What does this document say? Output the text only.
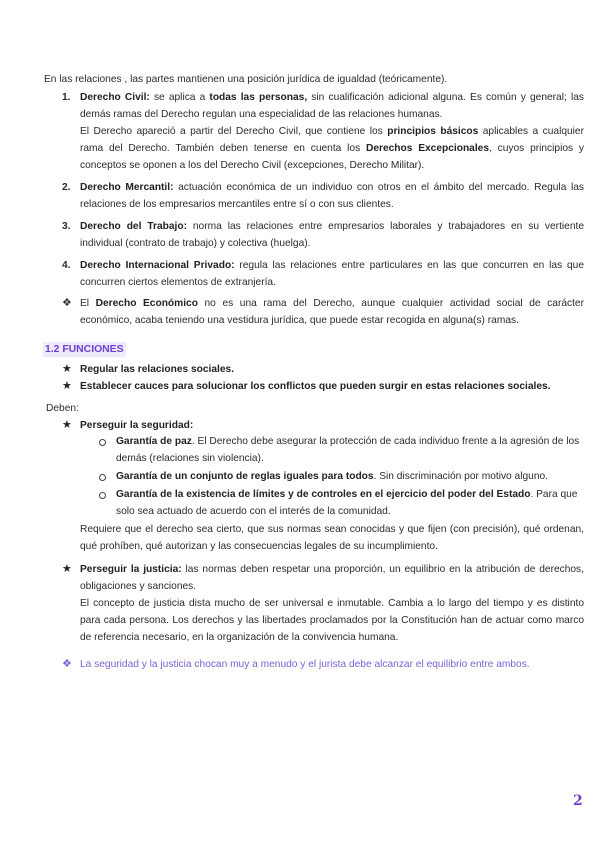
En las relaciones , las partes mantienen una posición jurídica de igualdad (teóricamente).
1. Derecho Civil: se aplica a todas las personas, sin cualificación adicional alguna. Es común y general; las demás ramas del Derecho regulan una especialidad de las relaciones humanas.

El Derecho apareció a partir del Derecho Civil, que contiene los principios básicos aplicables a cualquier rama del Derecho. También deben tenerse en cuenta los Derechos Excepcionales, cuyos principios y conceptos se oponen a los del Derecho Civil (excepciones, Derecho Militar).

2. Derecho Mercantil: actuación económica de un individuo con otros en el ámbito del mercado. Regula las relaciones de los empresarios mercantiles entre sí o con sus clientes.

3. Derecho del Trabajo: norma las relaciones entre empresarios laborales y trabajadores en su vertiente individual (contrato de trabajo) y colectiva (huelga).

4. Derecho Internacional Privado: regula las relaciones entre particulares en las que concurren en las que concurren ciertos elementos de extranjería.

❖ El Derecho Económico no es una rama del Derecho, aunque cualquier actividad social de carácter económico, acaba teniendo una vestidura jurídica, que puede estar recogida en alguna(s) ramas.

1.2 FUNCIONES
★ Regular las relaciones sociales.
★ Establecer cauces para solucionar los conflictos que pueden surgir en estas relaciones sociales.
Deben:
★ Perseguir la seguridad:

Garantía de paz. El Derecho debe asegurar la protección de cada individuo frente a la agresión de los demás (relaciones sin violencia).

Garantía de un conjunto de reglas iguales para todos. Sin discriminación por motivo alguno.

Garantía de la existencia de límites y de controles en el ejercicio del poder del Estado. Para que solo sea actuado de acuerdo con el interés de la comunidad.

Requiere que el derecho sea cierto, que sus normas sean conocidas y que fijen (con precisión), qué ordenan, qué prohíben, qué autorizan y las consecuencias legales de su incumplimiento.
★ Perseguir la justicia: las normas deben respetar una proporción, un equilibrio en la atribución de derechos, obligaciones y sanciones.

El concepto de justicia dista mucho de ser universal e inmutable. Cambia a lo largo del tiempo y es distinto para cada persona. Los derechos y las libertades proclamados por la Constitución han de actuar como marco de referencia necesario, en la organización de la convivencia humana.

❖ La seguridad y la justicia chocan muy a menudo y el jurista debe alcanzar el equilibrio entre ambos.
2
